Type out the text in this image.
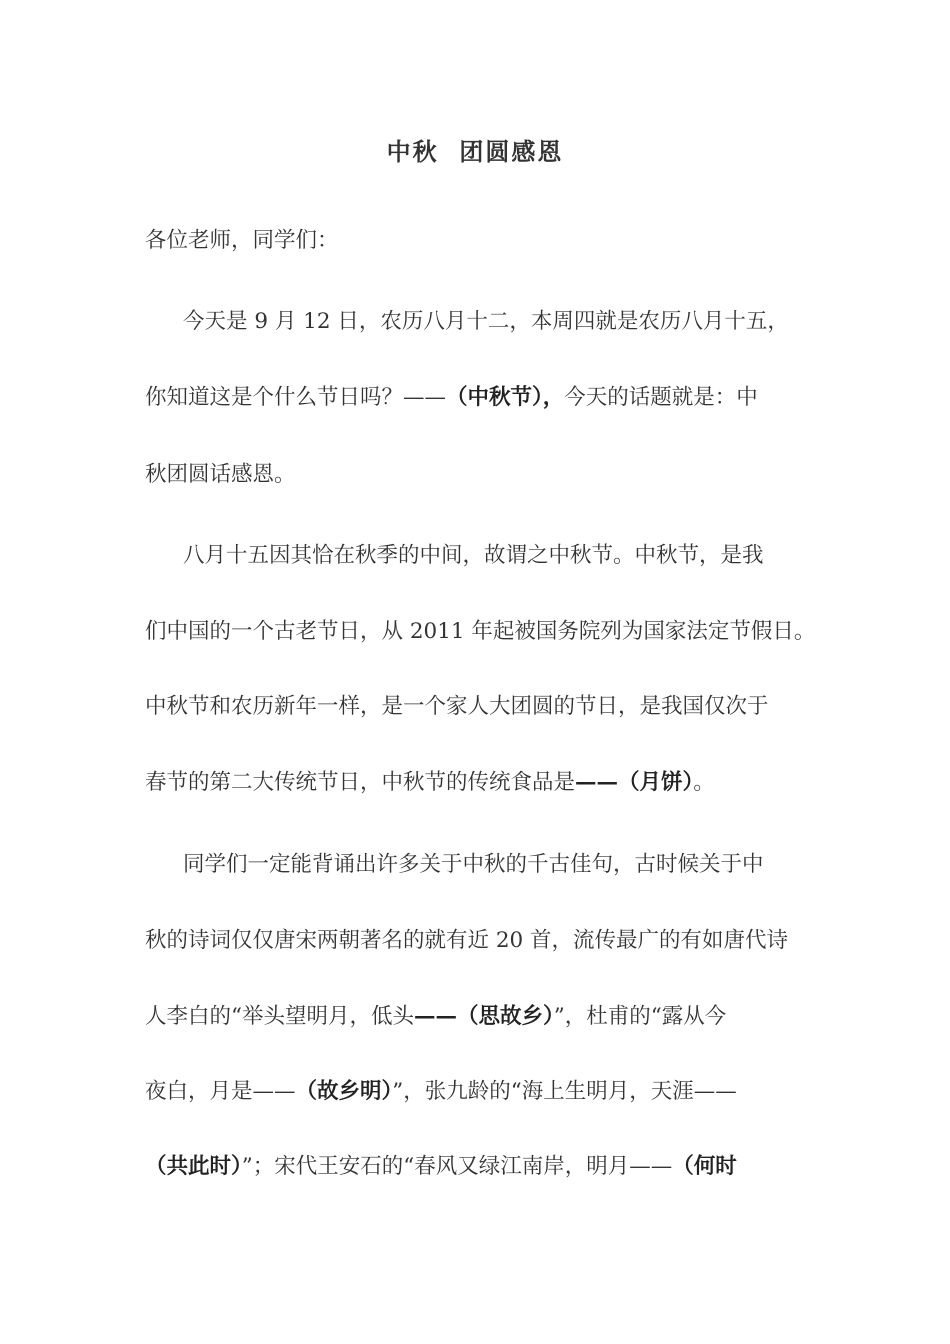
中秋  团圆感恩
各位老师，同学们：
今天是 9 月 12 日，农历八月十二，本周四就是农历八月十五，
你知道这是个什么节日吗？——（中秋节），今天的话题就是：中
秋团圆话感恩。
八月十五因其恰在秋季的中间，故谓之中秋节。中秋节，是我
们中国的一个古老节日，从 2011 年起被国务院列为国家法定节假日。
中秋节和农历新年一样，是一个家人大团圆的节日，是我国仅次于
春节的第二大传统节日，中秋节的传统食品是——（月饼）。
同学们一定能背诵出许多关于中秋的千古佳句，古时候关于中
秋的诗词仅仅唐宋两朝著名的就有近 20 首，流传最广的有如唐代诗
人李白的“举头望明月，低头——（思故乡）”，杜甫的“露从今
夜白，月是——（故乡明）”，张九龄的“海上生明月，天涯——
（共此时）”；宋代王安石的“春风又绿江南岸，明月——（何时
